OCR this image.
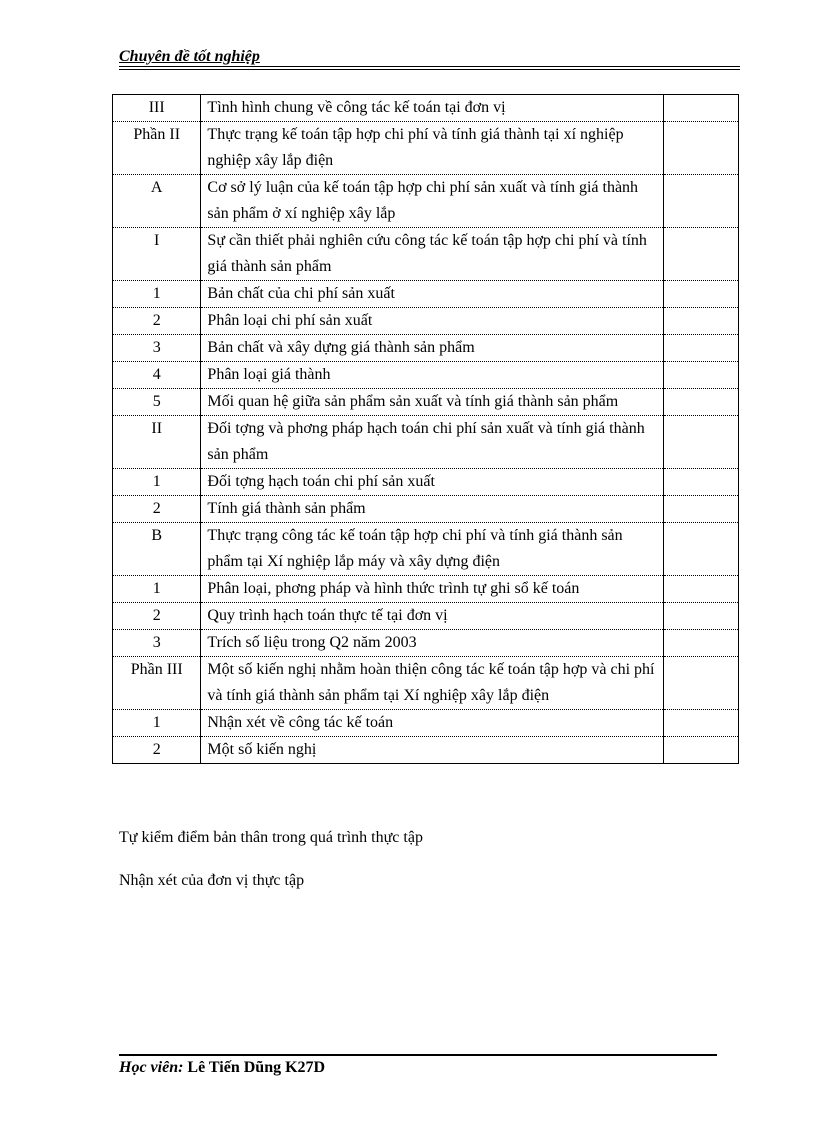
Chuyên đề tốt nghiệp
III	Tình hình chung về công tác kế toán tại đơn vị	
Phần II	Thực trạng kế toán tập hợp chi phí và tính giá thành tại xí nghiệp nghiệp xây lắp điện	
A	Cơ sở lý luận của kế toán tập hợp chi phí sản xuất và tính giá thành sản phẩm ở xí nghiệp xây lắp	
I	Sự cần thiết phải nghiên cứu công tác kế toán tập hợp chi phí và tính giá thành sản phẩm	
1	Bản chất của chi phí sản xuất	
2	Phân loại chi phí sản xuất	
3	Bản chất và xây dựng giá thành sản phẩm	
4	Phân loại giá thành	
5	Mối quan hệ giữa sản phẩm sản xuất và tính giá thành sản phẩm	
II	Đối tợng và phơng pháp hạch toán chi phí sản xuất và tính giá thành sản phẩm	
1	Đối tợng hạch toán chi phí sản xuất	
2	Tính giá thành sản phẩm	
B	Thực trạng công tác kế toán tập hợp chi phí và tính giá thành sản phẩm tại Xí nghiệp lắp máy và xây dựng điện	
1	Phân loại, phơng pháp và hình thức trình tự ghi sổ kế toán	
2	Quy trình hạch toán thực tế tại đơn vị	
3	Trích số liệu trong Q2 năm 2003	
Phần III	Một số kiến nghị nhằm hoàn thiện công tác kế toán tập hợp và chi phí và tính giá thành sản phẩm tại Xí nghiệp xây lắp điện	
1	Nhận xét về công tác kế toán	
2	Một số kiến nghị	
Tự kiểm điểm bản thân trong quá trình thực tập
Nhận xét của đơn vị thực tập
Học viên: Lê Tiến Dũng K27D
